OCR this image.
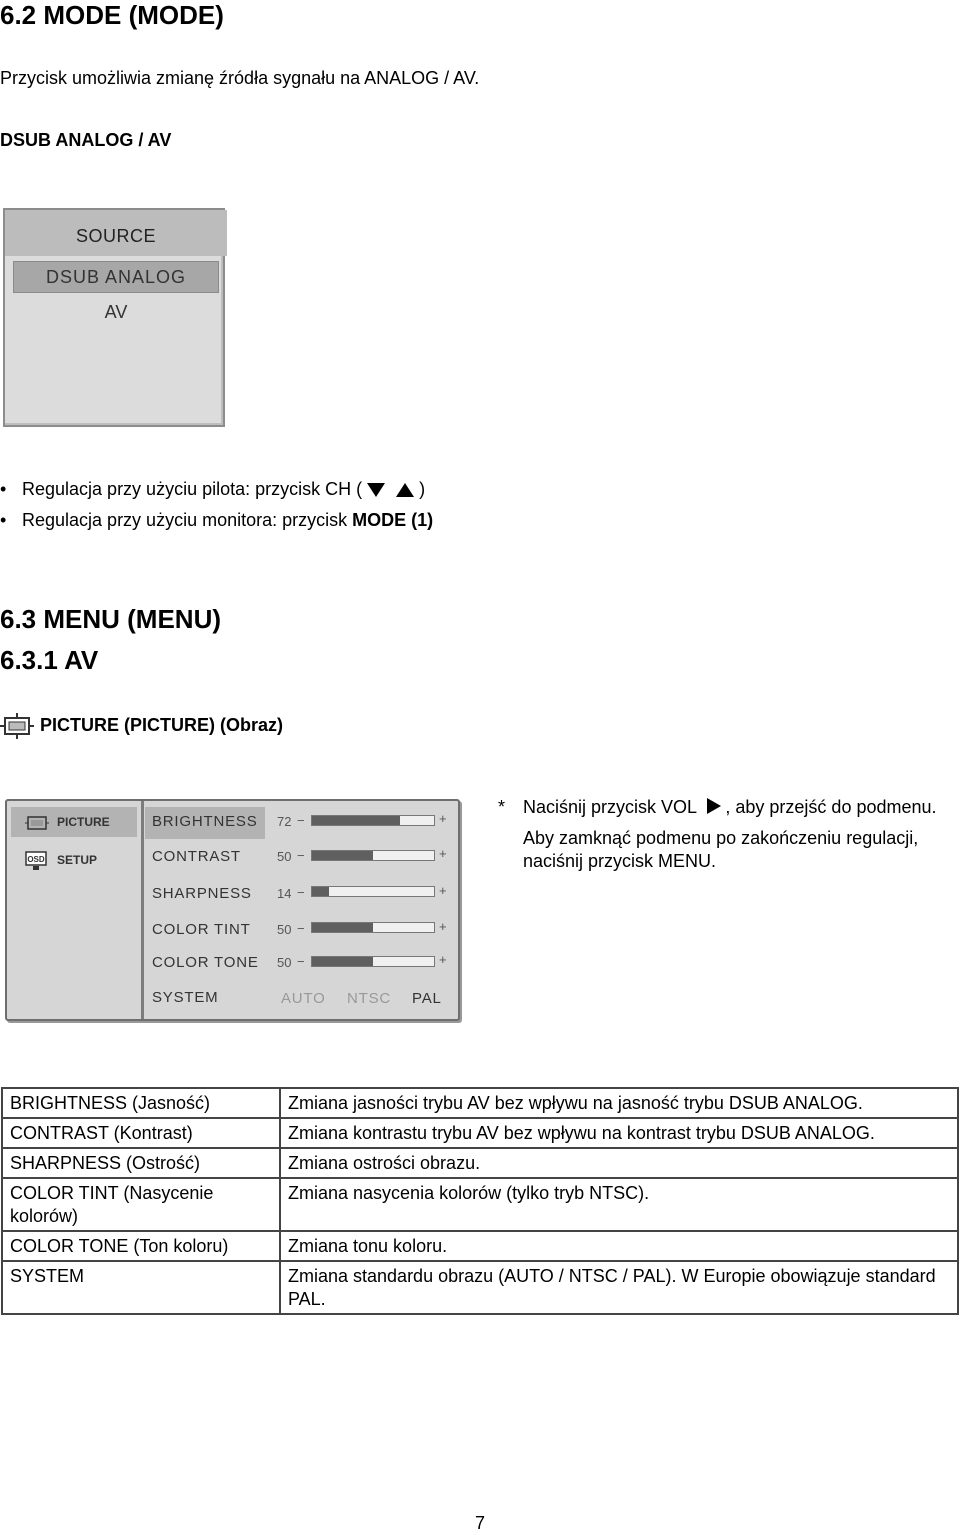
6.2 MODE (MODE)
Przycisk umożliwia zmianę źródła sygnału na ANALOG / AV.
DSUB ANALOG / AV
SOURCE
DSUB ANALOG
AV
• Regulacja przy użyciu pilota: przycisk CH (	)
• Regulacja przy użyciu monitora: przycisk MODE (1)
6.3 MENU (MENU)
6.3.1 AV
PICTURE (PICTURE) (Obraz)
PICTURE
OSD SETUP
BRIGHTNESS 72 −	+
CONTRAST	50 −	+
SHARPNESS 14 −	+
COLOR TINT 50 −	+
COLOR TONE 50 −	+
SYSTEM	AUTO NTSC PAL
* Naciśnij przycisk VOL , aby przejść do podmenu.
Aby zamknąć podmenu po zakończeniu regulacji, naciśnij przycisk MENU.
BRIGHTNESS (Jasność)	Zmiana jasności trybu AV bez wpływu na jasność trybu DSUB ANALOG.
CONTRAST (Kontrast)	Zmiana kontrastu trybu AV bez wpływu na kontrast trybu DSUB ANALOG.
SHARPNESS (Ostrość)	Zmiana ostrości obrazu.
COLOR TINT (Nasycenie kolorów)	Zmiana nasycenia kolorów (tylko tryb NTSC).
COLOR TONE (Ton koloru)	Zmiana tonu koloru.
SYSTEM	Zmiana standardu obrazu (AUTO / NTSC / PAL). W Europie obowiązuje standard PAL.
7
